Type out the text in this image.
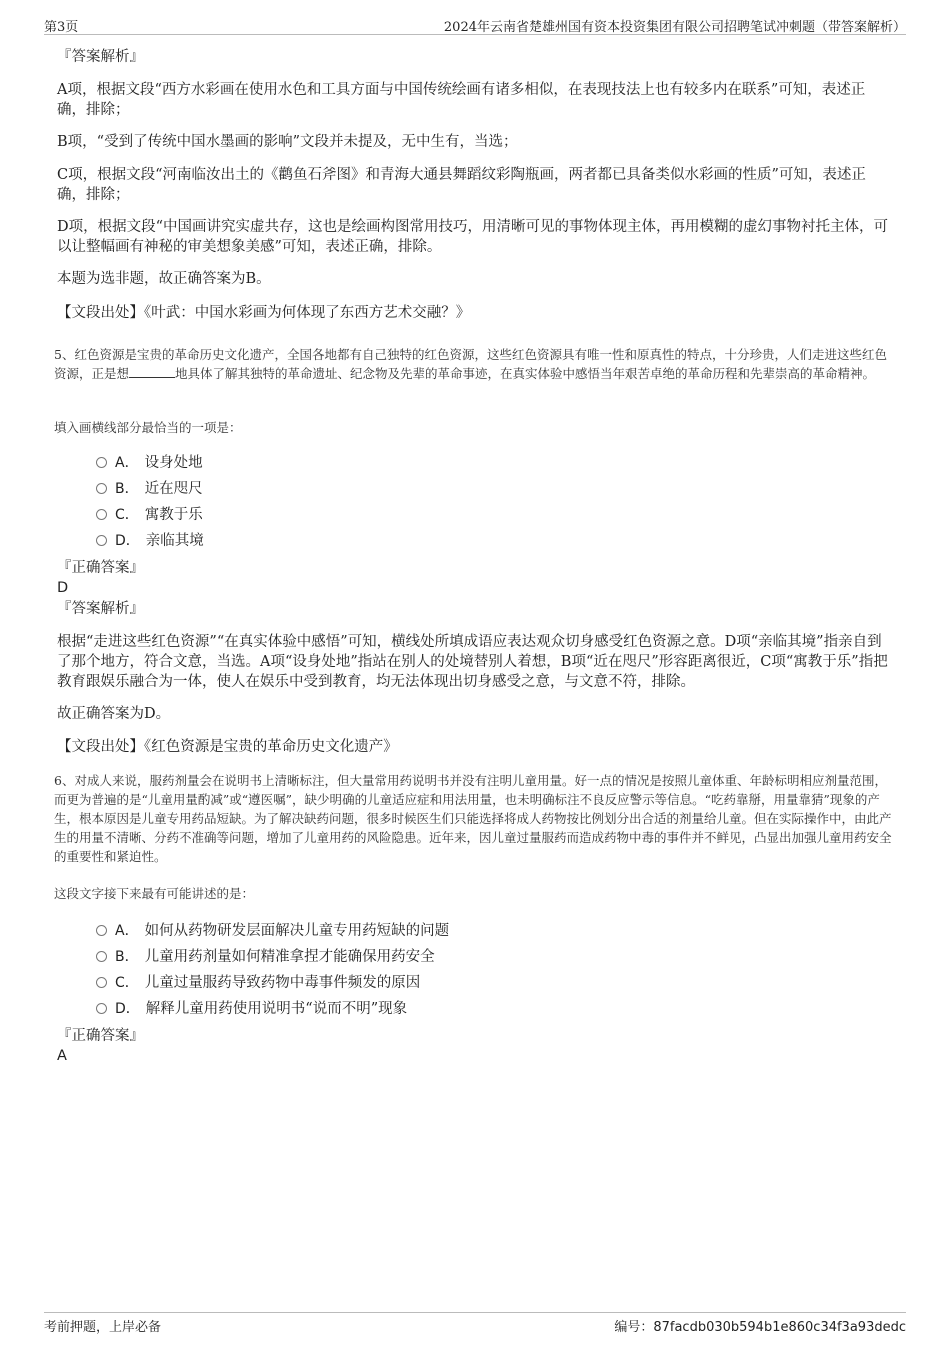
第3页	2024年云南省楚雄州国有资本投资集团有限公司招聘笔试冲刺题（带答案解析）
『答案解析』
A项，根据文段“西方水彩画在使用水色和工具方面与中国传统绘画有诸多相似，在表现技法上也有较多内在联系”可知，表述正确，排除；
B项，“受到了传统中国水墨画的影响”文段并未提及，无中生有，当选；
C项，根据文段“河南临汝出土的《鹳鱼石斧图》和青海大通县舞蹈纹彩陶瓶画，两者都已具备类似水彩画的性质”可知，表述正确，排除；
D项，根据文段“中国画讲究实虚共存，这也是绘画构图常用技巧，用清晰可见的事物体现主体，再用模糊的虚幻事物衬托主体，可以让整幅画有神秘的审美想象美感”可知，表述正确，排除。
本题为选非题，故正确答案为B。
【文段出处】《叶武：中国水彩画为何体现了东西方艺术交融？》
5、红色资源是宝贵的革命历史文化遗产，全国各地都有自己独特的红色资源，这些红色资源具有唯一性和原真性的特点，十分珍贵，人们走进这些红色资源，正是想	地具体了解其独特的革命遗址、纪念物及先辈的革命事迹，在真实体验中感悟当年艰苦卓绝的革命历程和先辈崇高的革命精神。
填入画横线部分最恰当的一项是：
A． 设身处地
B． 近在咫尺
C． 寓教于乐
D． 亲临其境
『正确答案』
D
『答案解析』
根据“走进这些红色资源”“在真实体验中感悟”可知，横线处所填成语应表达观众切身感受红色资源之意。D项“亲临其境”指亲自到了那个地方，符合文意，当选。A项“设身处地”指站在别人的处境替别人着想，B项“近在咫尺”形容距离很近，C项“寓教于乐”指把教育跟娱乐融合为一体，使人在娱乐中受到教育，均无法体现出切身感受之意，与文意不符，排除。
故正确答案为D。
【文段出处】《红色资源是宝贵的革命历史文化遗产》
6、对成人来说，服药剂量会在说明书上清晰标注，但大量常用药说明书并没有注明儿童用量。好一点的情况是按照儿童体重、年龄标明相应剂量范围，而更为普遍的是“儿童用量酌减”或“遵医嘱”，缺少明确的儿童适应症和用法用量，也未明确标注不良反应警示等信息。“吃药靠掰，用量靠猜”现象的产生，根本原因是儿童专用药品短缺。为了解决缺药问题，很多时候医生们只能选择将成人药物按比例划分出合适的剂量给儿童。但在实际操作中，由此产生的用量不清晰、分药不准确等问题，增加了儿童用药的风险隐患。近年来，因儿童过量服药而造成药物中毒的事件并不鲜见，凸显出加强儿童用药安全的重要性和紧迫性。
这段文字接下来最有可能讲述的是：
A． 如何从药物研发层面解决儿童专用药短缺的问题
B． 儿童用药剂量如何精准拿捏才能确保用药安全
C． 儿童过量服药导致药物中毒事件频发的原因
D． 解释儿童用药使用说明书“说而不明”现象
『正确答案』
A
考前押题，上岸必备	编号：87facdb030b594b1e860c34f3a93dedc
